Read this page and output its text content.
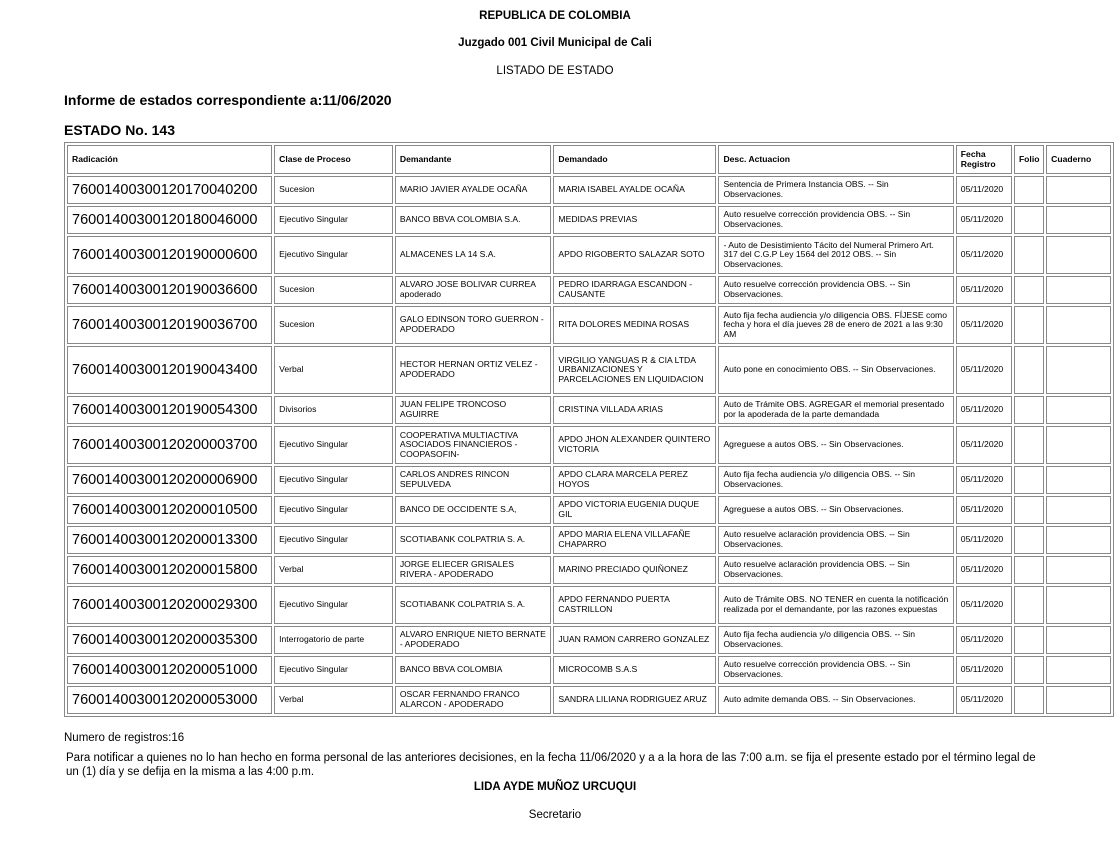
REPUBLICA DE COLOMBIA
Juzgado 001 Civil Municipal de Cali
LISTADO DE ESTADO
Informe de estados correspondiente a:11/06/2020
ESTADO No. 143
Radicación	Clase de Proceso	Demandante	Demandado	Desc. Actuacion	Fecha Registro	Folio	Cuaderno
76001400300120170040200	Sucesion	MARIO JAVIER AYALDE OCAÑA	MARIA ISABEL AYALDE OCAÑA	Sentencia de Primera Instancia OBS. -- Sin Observaciones.	05/11/2020		
76001400300120180046000	Ejecutivo Singular	BANCO BBVA COLOMBIA S.A.	MEDIDAS PREVIAS	Auto resuelve corrección providencia OBS. -- Sin Observaciones.	05/11/2020		
76001400300120190000600	Ejecutivo Singular	ALMACENES LA 14 S.A.	APDO RIGOBERTO SALAZAR SOTO	- Auto de Desistimiento Tácito del Numeral Primero Art. 317 del C.G.P Ley 1564 del 2012 OBS. -- Sin Observaciones.	05/11/2020		
76001400300120190036600	Sucesion	ALVARO JOSE BOLIVAR CURREA apoderado	PEDRO IDARRAGA ESCANDON - CAUSANTE	Auto resuelve corrección providencia OBS. -- Sin Observaciones.	05/11/2020		
76001400300120190036700	Sucesion	GALO EDINSON TORO GUERRON - APODERADO	RITA DOLORES MEDINA ROSAS	Auto fija fecha audiencia y/o diligencia OBS. FÍJESE como fecha y hora el día jueves 28 de enero de 2021 a las 9:30 AM	05/11/2020		
76001400300120190043400	Verbal	HECTOR HERNAN ORTIZ VELEZ - APODERADO	VIRGILIO YANGUAS R & CIA LTDA URBANIZACIONES Y PARCELACIONES EN LIQUIDACION	Auto pone en conocimiento OBS. -- Sin Observaciones.	05/11/2020		
76001400300120190054300	Divisorios	JUAN FELIPE TRONCOSO AGUIRRE	CRISTINA VILLADA ARIAS	Auto de Trámite OBS. AGREGAR el memorial presentado por la apoderada de la parte demandada	05/11/2020		
76001400300120200003700	Ejecutivo Singular	COOPERATIVA MULTIACTIVA ASOCIADOS FINANCIEROS - COOPASOFIN-	APDO JHON ALEXANDER QUINTERO VICTORIA	Agreguese a autos OBS. -- Sin Observaciones.	05/11/2020		
76001400300120200006900	Ejecutivo Singular	CARLOS ANDRES RINCON SEPULVEDA	APDO CLARA MARCELA PEREZ HOYOS	Auto fija fecha audiencia y/o diligencia OBS. -- Sin Observaciones.	05/11/2020		
76001400300120200010500	Ejecutivo Singular	BANCO DE OCCIDENTE S.A,	APDO VICTORIA EUGENIA DUQUE GIL	Agreguese a autos OBS. -- Sin Observaciones.	05/11/2020		
76001400300120200013300	Ejecutivo Singular	SCOTIABANK COLPATRIA S. A.	APDO MARIA ELENA VILLAFAÑE CHAPARRO	Auto resuelve aclaración providencia OBS. -- Sin Observaciones.	05/11/2020		
76001400300120200015800	Verbal	JORGE ELIECER GRISALES RIVERA - APODERADO	MARINO PRECIADO QUIÑONEZ	Auto resuelve aclaración providencia OBS. -- Sin Observaciones.	05/11/2020		
76001400300120200029300	Ejecutivo Singular	SCOTIABANK COLPATRIA S. A.	APDO FERNANDO PUERTA CASTRILLON	Auto de Trámite OBS. NO TENER en cuenta la notificación realizada por el demandante, por las razones expuestas	05/11/2020		
76001400300120200035300	Interrogatorio de parte	ALVARO ENRIQUE NIETO BERNATE - APODERADO	JUAN RAMON CARRERO GONZALEZ	Auto fija fecha audiencia y/o diligencia OBS. -- Sin Observaciones.	05/11/2020		
76001400300120200051000	Ejecutivo Singular	BANCO BBVA COLOMBIA	MICROCOMB S.A.S	Auto resuelve corrección providencia OBS. -- Sin Observaciones.	05/11/2020		
76001400300120200053000	Verbal	OSCAR FERNANDO FRANCO ALARCON - APODERADO	SANDRA LILIANA RODRIGUEZ ARUZ	Auto admite demanda OBS. -- Sin Observaciones.	05/11/2020		
Numero de registros:16
Para notificar a quienes no lo han hecho en forma personal de las anteriores decisiones, en la fecha 11/06/2020 y a a la hora de las 7:00 a.m. se fija el presente estado por el término legal de un (1) día y se defija en la misma a las 4:00 p.m.
LIDA AYDE MUÑOZ URCUQUI
Secretario
